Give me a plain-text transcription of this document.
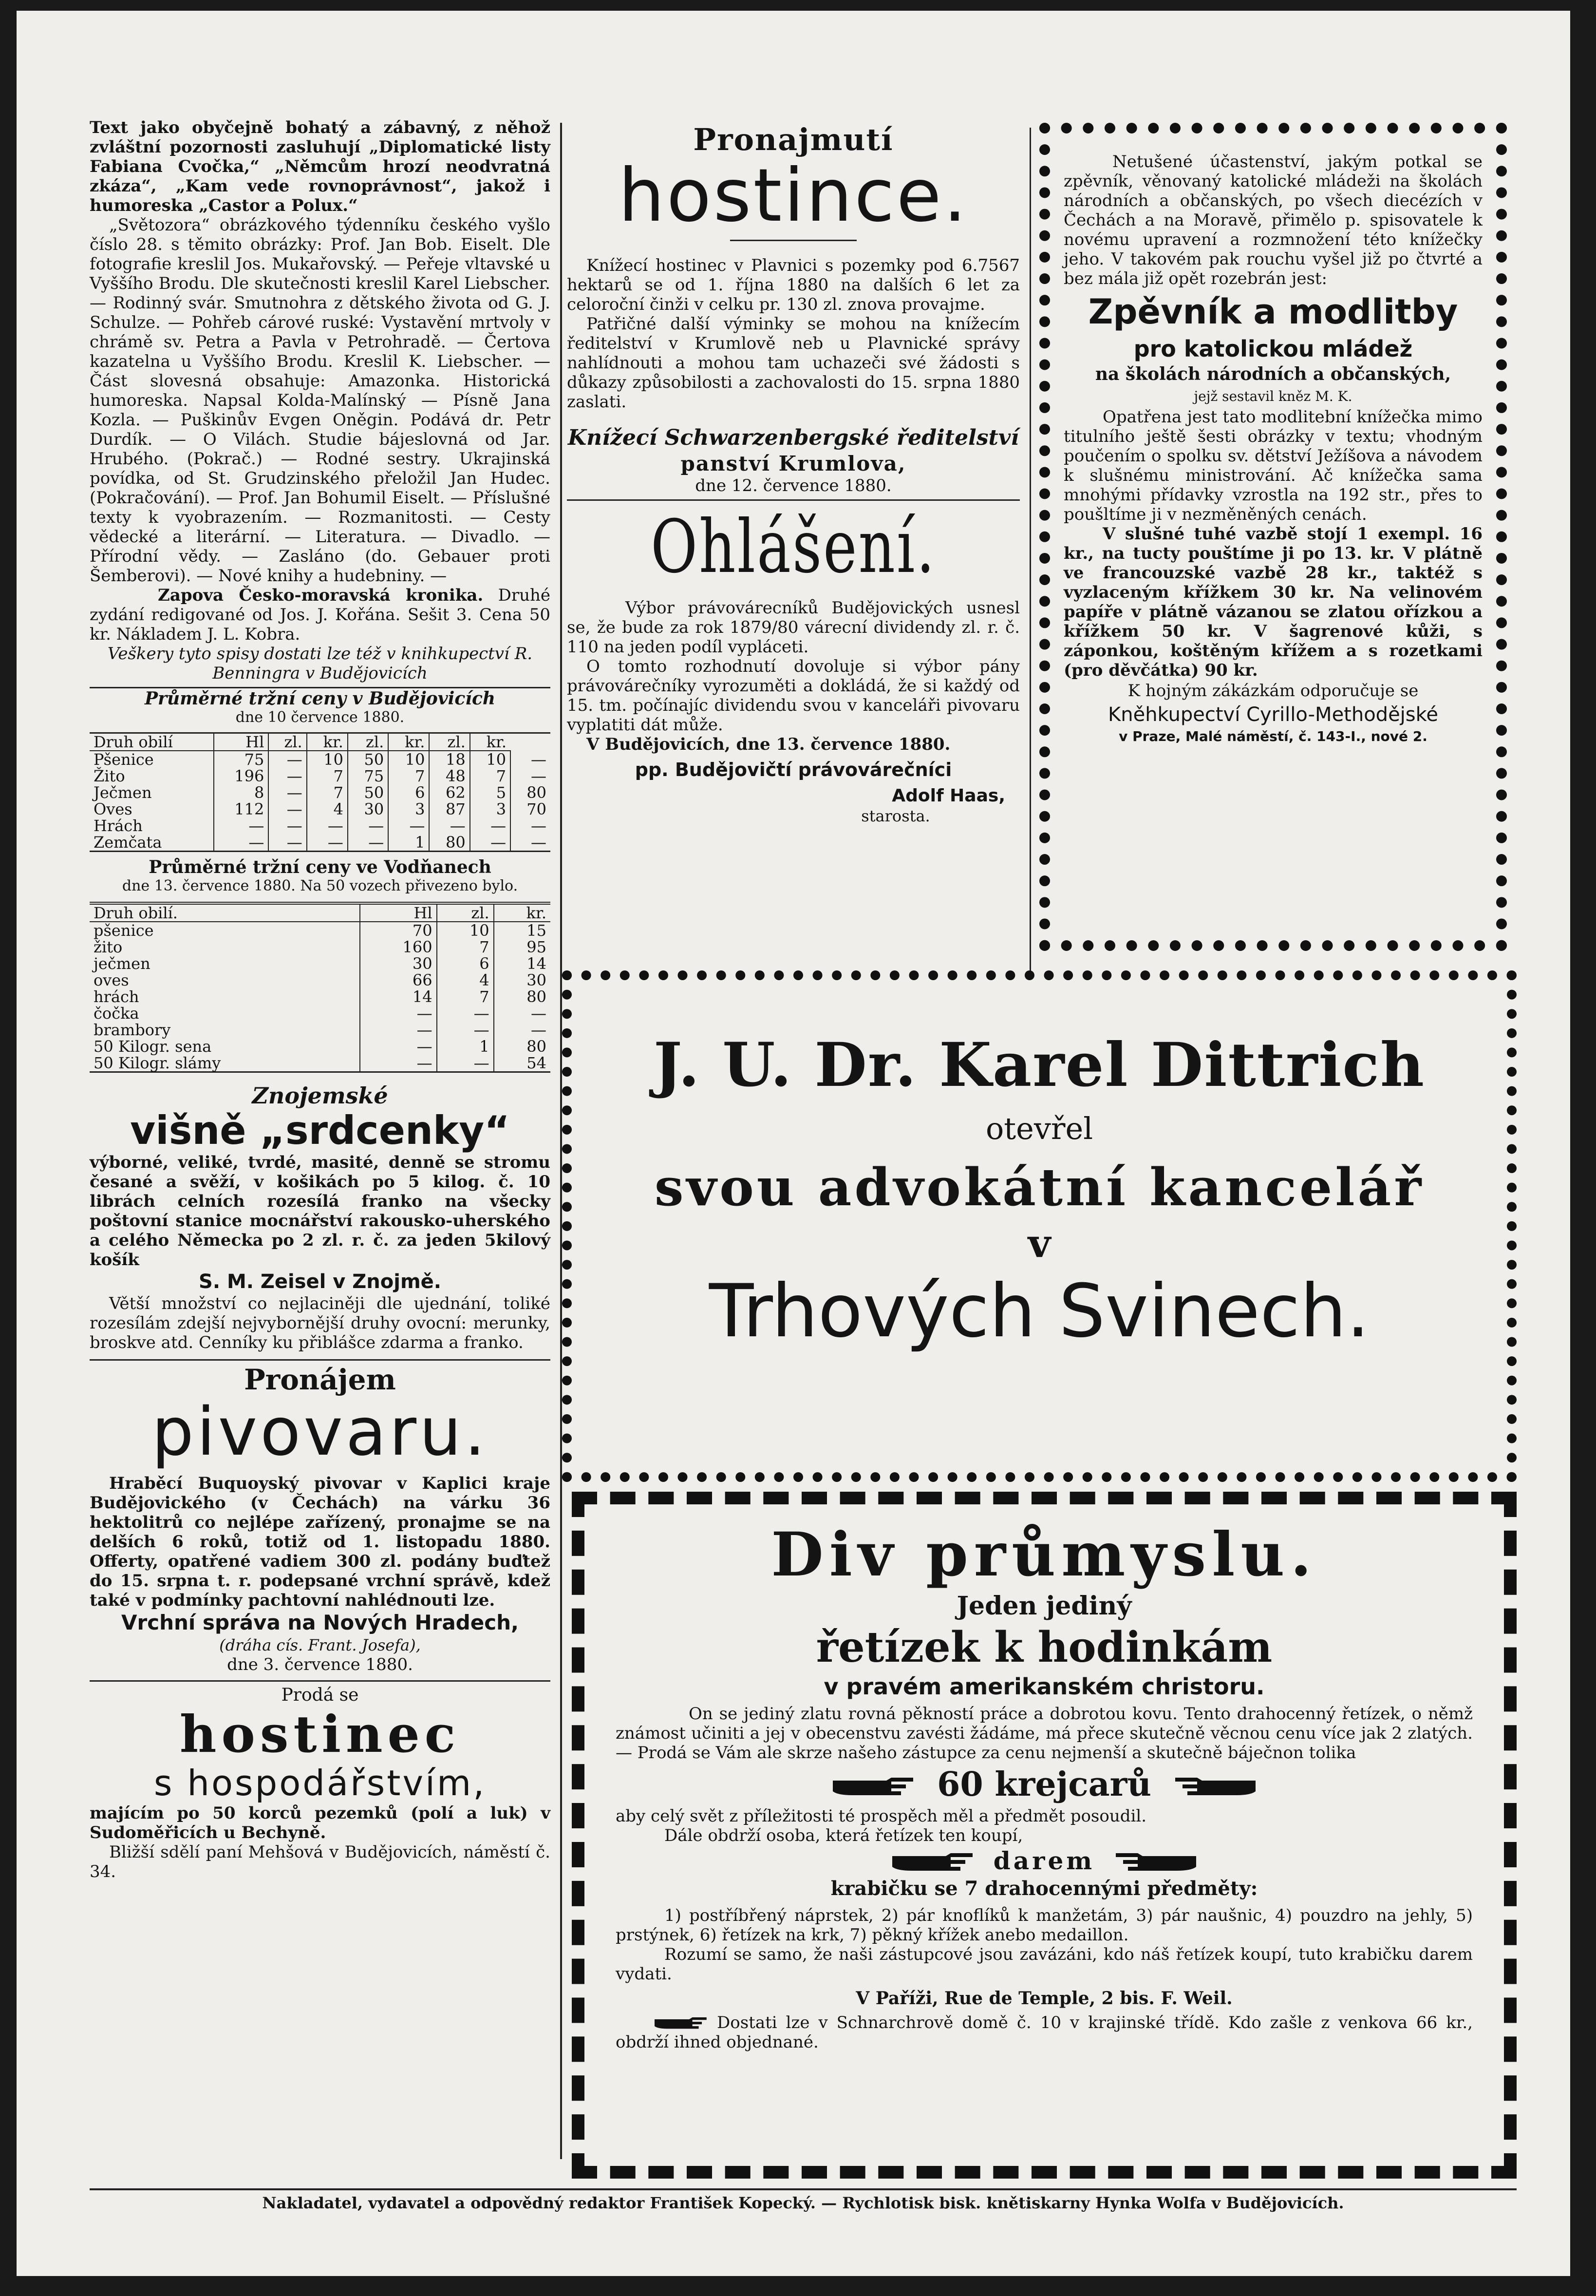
Text jako obyčejně bohatý a zábavný, z něhož zvláštní pozornosti zasluhují „Diplomatické listy Fabiana Cvočka,“ „Němcům hrozí neodvratná zkáza“, „Kam vede rovnoprávnost“, jakož i humoreska „Castor a Polux.“

„Světozora“ obrázkového týdenníku českého vyšlo číslo 28. s těmito obrázky: Prof. Jan Bob. Eiselt. Dle fotografie kreslil Jos. Mukařovský. — Peřeje vltavské u Vyššího Brodu. Dle skutečnosti kreslil Karel Liebscher. — Rodinný svár. Smutnohra z dětského života od G. J. Schulze. — Pohřeb cárové ruské: Vystavění mrtvoly v chrámě sv. Petra a Pavla v Petrohradě. — Čertova kazatelna u Vyššího Brodu. Kreslil K. Liebscher. — Část slovesná obsahuje: Amazonka. Historická humoreska. Napsal Kolda-Malínský — Písně Jana Kozla. — Puškinův Evgen Oněgin. Podává dr. Petr Durdík. — O Vilách. Studie bájeslovná od Jar. Hrubého. (Pokrač.) — Rodné sestry. Ukrajinská povídka, od St. Grudzinského přeložil Jan Hudec. (Pokračování). — Prof. Jan Bohumil Eiselt. — Příslušné texty k vyobrazením. — Rozmanitosti. — Cesty vědecké a literární. — Literatura. — Divadlo. — Přírodní vědy. — Zasláno (do. Gebauer proti Šemberovi). — Nové knihy a hudebniny. —

Zapova Česko-moravská kronika. Druhé zydání redigované od Jos. J. Kořána. Sešit 3. Cena 50 kr. Nákladem J. L. Kobra.

Veškery tyto spisy dostati lze též v knihkupectví R. Benningra v Budějovicích

Průměrné tržní ceny v Budějovicích
dne 10 července 1880.
Druh obilí	Hl	zl.	kr.	zl.	kr.	zl.	kr.	
Pšenice	75	—	10	50	10	18	10	—
Žito	196	—	7	75	7	48	7	—
Ječmen	8	—	7	50	6	62	5	80
Oves	112	—	4	30	3	87	3	70
Hrách	—	—	—	—	—	—	—	—
Zemčata	—	—	—	—	1	80	—	—
Průměrné tržní ceny ve Vodňanech
dne 13. července 1880. Na 50 vozech přivezeno bylo.
Druh obilí.	Hl	zl.	kr.
pšenice	70	10	15
žito	160	7	95
ječmen	30	6	14
oves	66	4	30
hrách	14	7	80
čočka	—	—	—
brambory	—	—	—
50 Kilogr. sena	—	1	80
50 Kilogr. slámy	—	—	54
Znojemské
višně „srdcenky“

výborné, veliké, tvrdé, masité, denně se stromu česané a svěží, v košikách po 5 kilog. č. 10 librách celních rozesílá franko na všecky poštovní stanice mocnářství rakousko-uherského a celého Německa po 2 zl. r. č. za jeden 5kilový košík

S. M. Zeisel v Znojmě.

Větší množství co nejlaciněji dle ujednání, toliké rozesílám zdejší nejvybornější druhy ovocní: merunky, broskve atd. Cenníky ku přiblášce zdarma a franko.

Pronájem
pivovaru.

Hraběcí Buquoyský pivovar v Kaplici kraje Budějovického (v Čechách) na várku 36 hektolitrů co nejlépe zařízený, pronajme se na delších 6 roků, totiž od 1. listopadu 1880. Offerty, opatřené vadiem 300 zl. podány buďtež do 15. srpna t. r. podepsané vrchní správě, kdež také v podmínky pachtovní nahlédnouti lze.

Vrchní správa na Nových Hradech,
(dráha cís. Frant. Josefa),
dne 3. července 1880.
Prodá se
hostinec
s hospodářstvím,

majícím po 50 korců pezemků (polí a luk) v Sudoměřicích u Bechyně.

Bližší sdělí paní Mehšová v Budějovicích, náměstí č. 34.

Pronajmutí
hostince.

Knížecí hostinec v Plavnici s pozemky pod 6.7567 hektarů se od 1. října 1880 na dalších 6 let za celoroční činži v celku pr. 130 zl. znova provajme.

Patřičné další výminky se mohou na knížecím ředitelství v Krumlově neb u Plavnické správy nahlídnouti a mohou tam uchazeči své žádosti s důkazy způsobilosti a zachovalosti do 15. srpna 1880 zaslati.

Knížecí Schwarzenbergské ředitelství
panství Krumlova,
dne 12. července 1880.
Ohlášení.

Výbor právovárecníků Budějovických usnesl se, že bude za rok 1879/80 várecní dividendy zl. r. č. 110 na jeden podíl vypláceti.

O tomto rozhodnutí dovoluje si výbor pány právovárečníky vyrozuměti a dokládá, že si každý od 15. tm. počínajíc dividendu svou v kanceláři pivovaru vyplatiti dát může.

V Budějovicích, dne 13. července 1880.

pp. Budějovičtí právovárečníci
Adolf Haas,
starosta.

Netušené účastenství, jakým potkal se zpěvník, věnovaný katolické mládeži na školách národních a občanských, po všech diecézích v Čechách a na Moravě, přimělo p. spisovatele k novému upravení a rozmnožení této knížečky jeho. V takovém pak rouchu vyšel již po čtvrté a bez mála již opět rozebrán jest:

Zpěvník a modlitby
pro katolickou mládež
na školách národních a občanských,
jejž sestavil kněz M. K.

Opatřena jest tato modlitební knížečka mimo titulního ještě šesti obrázky v textu; vhodným poučením o spolku sv. dětství Ježíšova a návodem k slušnému ministrování. Ač knížečka sama mnohými přídavky vzrostla na 192 str., přes to poušltíme ji v nezměněných cenách.

V slušné tuhé vazbě stojí 1 exempl. 16 kr., na tucty pouštíme ji po 13. kr. V plátně ve francouzské vazbě 28 kr., taktéž s vyzlaceným křížkem 30 kr. Na velinovém papíře v plátně vázanou se zlatou ořízkou a křížkem 50 kr. V šagrenové kůži, s záponkou, koštěným křížem a s rozetkami (pro děvčátka) 90 kr.

K hojným zákázkám odporučuje se
Kněhkupectví Cyrillo-Methodějské
v Praze, Malé náměstí, č. 143-I., nové 2.
J. U. Dr. Karel Dittrich
otevřel
svou advokátní kancelář
v
Trhových Svinech.
Div průmyslu.
Jeden jediný
řetízek k hodinkám
v pravém amerikanském christoru.

On se jediný zlatu rovná pěkností práce a dobrotou kovu. Tento drahocenný řetízek, o němž známost učiniti a jej v obecenstvu zavésti žádáme, má přece skutečně věcnou cenu více jak 2 zlatých. — Prodá se Vám ale skrze našeho zástupce za cenu nejmenší a skutečně báječnon tolika

60 krejcarů

aby celý svět z příležitosti té prospěch měl a předmět posoudil.

Dále obdrží osoba, která řetízek ten koupí,

darem
krabičku se 7 drahocennými předměty:

1) postříbřený náprstek, 2) pár knoflíků k manžetám, 3) pár naušnic, 4) pouzdro na jehly, 5) prstýnek, 6) řetízek na krk, 7) pěkný křížek anebo medaillon.

Rozumí se samo, že naši zástupcové jsou zavázáni, kdo náš řetízek koupí, tuto krabičku darem vydati.

V Paříži, Rue de Temple, 2 bis. F. Weil.

Dostati lze v Schnarchrově domě č. 10 v krajinské třídě. Kdo zašle z venkova 66 kr., obdrží ihned objednané.

Nakladatel, vydavatel a odpovědný redaktor František Kopecký. — Rychlotisk bisk. knětiskarny Hynka Wolfa v Budějovicích.
